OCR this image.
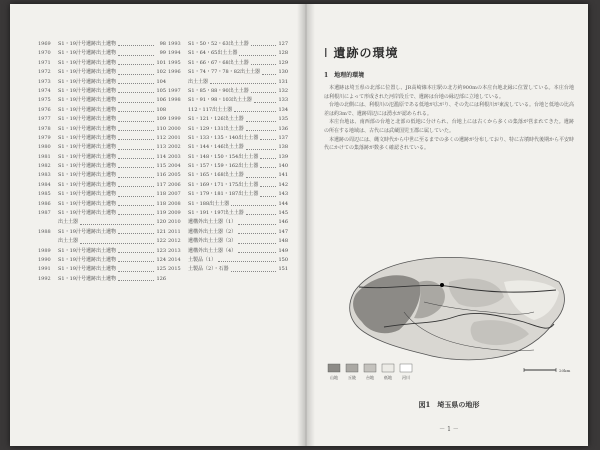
1969	S1・19汁号遺跡出土遺物	98
1970	S1・19汁号遺跡出土遺物	99
1971	S1・19汁号遺跡出土遺物	101
1972	S1・19汁号遺跡出土遺物	102
1973	S1・19汁号遺跡出土遺物	104
1974	S1・19汁号遺跡出土遺物	105
1975	S1・19汁号遺跡出土遺物	106
1976	S1・19汁号遺跡出土遺物	108
1977	S1・19汁号遺跡出土遺物	109
1978	S1・19汁号遺跡出土遺物	110
1979	S1・19汁号遺跡出土遺物	112
1980	S1・19汁号遺跡出土遺物	113
1981	S1・19汁号遺跡出土遺物	114
1982	S1・19汁号遺跡出土遺物	115
1983	S1・19汁号遺跡出土遺物	116
1984	S1・19汁号遺跡出土遺物	117
1985	S1・19汁号遺跡出土遺物	118
1986	S1・19汁号遺跡出土遺物	118
1987	S1・19汁号遺跡出土遺物	119
出土土器	120
1988	S1・19汁号遺跡出土遺物	121
出土土器	122
1989	S1・19汁号遺跡出土遺物	123
1990	S1・19汁号遺跡出土遺物	124
1991	S1・19汁号遺跡出土遺物	125
1992	S1・19汁号遺跡出土遺物	126
1993	S1・50・52・63出土土器	127
1994	S1・64・65出土土器	128
1995	S1・66・67・68出土土器	129
1996	S1・74・77・78・82出土土器	130
出土土器	131
1997	S1・85・88・90出土土器	132
1998	S1・91・98・103出土土器	133
112・117出土土器	134
1999	S1・121・126出土土器	135
2000	S1・129・131出土土器	136
2001	S1・133・135・140出土土器	137
2002	S1・144・146出土土器	138
2003	S1・148・150・154出土土器	139
2004	S1・157・159・162出土土器	140
2005	S1・165・168出土土器	141
2006	S1・169・171・175出土土器	142
2007	S1・179・181・187出土土器	143
2008	S1・188出土土器	144
2009	S1・191・197出土土器	145
2010	遺構外出土土器（1）	146
2011	遺構外出土土器（2）	147
2012	遺構外出土土器（3）	148
2013	遺構外出土土器（4）	149
2014	土製品（1）	150
2015	土製品（2）・石器	151
Ⅰ 遺跡の環境
1　地理的環境

本遺跡は埼玉県の北部に位置し、JR高崎線本庄駅の北方約900mの本庄台地北縁に位置している。本庄台地は利根川によって形成された河岸段丘で、遺跡は台地の縁辺部に立地している。

台地の北側には、利根川の氾濫原である低地が広がり、その先には利根川が東流している。台地と低地の比高差は約3mで、遺跡周辺には湧水が認められる。

本庄台地は、南西部の台地と北部の低地に分けられ、台地上には古くから多くの集落が営まれてきた。遺跡の所在する地域は、古代には武蔵国児玉郡に属していた。

本遺跡の周辺には、縄文時代から中世に至るまでの多くの遺跡が分布しており、特に古墳時代後期から平安時代にかけての集落跡が数多く確認されている。

山地	丘陵	台地	低地	河川
20km
図1　埼玉県の地形
－ 1 －
